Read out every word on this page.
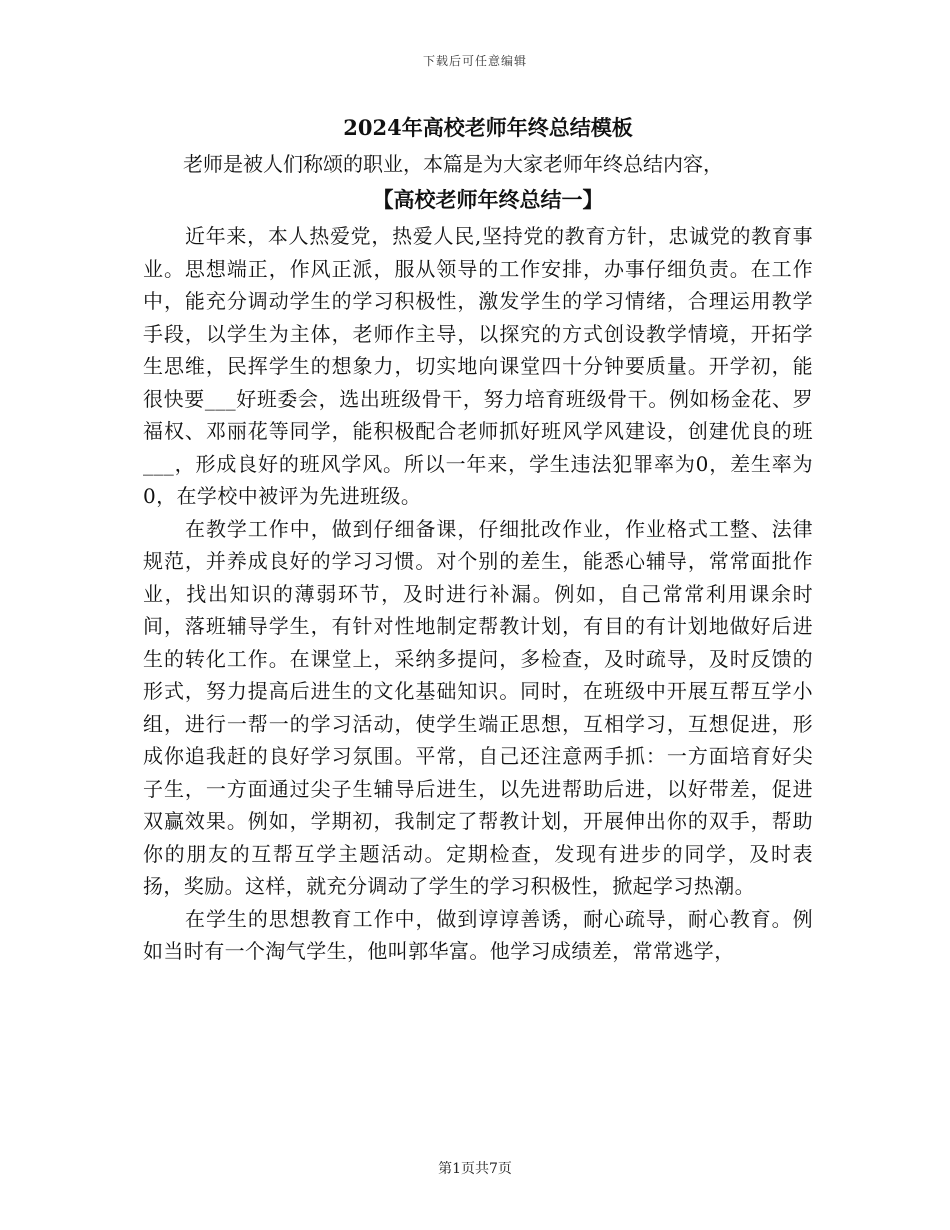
下载后可任意编辑
2024年高校老师年终总结模板

老师是被人们称颂的职业，本篇是为大家老师年终总结内容，

【高校老师年终总结一】

近年来，本人热爱党，热爱人民,坚持党的教育方针，忠诚党的教育事业。思想端正，作风正派，服从领导的工作安排，办事仔细负责。在工作中，能充分调动学生的学习积极性，激发学生的学习情绪，合理运用教学手段，以学生为主体，老师作主导，以探究的方式创设教学情境，开拓学生思维，民挥学生的想象力，切实地向课堂四十分钟要质量。开学初，能很快要___好班委会，选出班级骨干，努力培育班级骨干。例如杨金花、罗福权、邓丽花等同学，能积极配合老师抓好班风学风建设，创建优良的班___，形成良好的班风学风。所以一年来，学生违法犯罪率为0，差生率为0，在学校中被评为先进班级。

在教学工作中，做到仔细备课，仔细批改作业，作业格式工整、法律规范，并养成良好的学习习惯。对个别的差生，能悉心辅导，常常面批作业，找出知识的薄弱环节，及时进行补漏。例如，自己常常利用课余时间，落班辅导学生，有针对性地制定帮教计划，有目的有计划地做好后进生的转化工作。在课堂上，采纳多提问，多检查，及时疏导，及时反馈的形式，努力提高后进生的文化基础知识。同时，在班级中开展互帮互学小组，进行一帮一的学习活动，使学生端正思想，互相学习，互想促进，形成你追我赶的良好学习氛围。平常，自己还注意两手抓：一方面培育好尖子生，一方面通过尖子生辅导后进生，以先进帮助后进，以好带差，促进双赢效果。例如，学期初，我制定了帮教计划，开展伸出你的双手，帮助你的朋友的互帮互学主题活动。定期检查，发现有进步的同学，及时表扬，奖励。这样，就充分调动了学生的学习积极性，掀起学习热潮。

在学生的思想教育工作中，做到谆谆善诱，耐心疏导，耐心教育。例如当时有一个淘气学生，他叫郭华富。他学习成绩差，常常逃学，

第1页共7页
